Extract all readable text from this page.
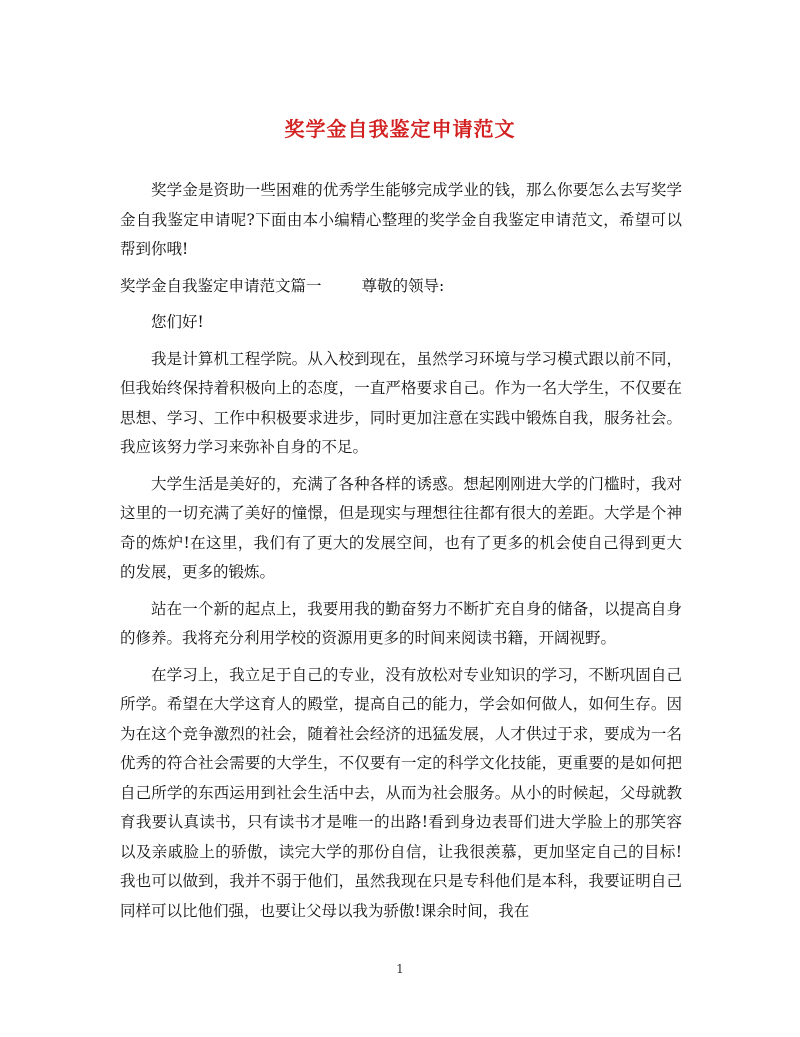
奖学金自我鉴定申请范文

奖学金是资助一些困难的优秀学生能够完成学业的钱，那么你要怎么去写奖学金自我鉴定申请呢?下面由本小编精心整理的奖学金自我鉴定申请范文，希望可以帮到你哦!

奖学金自我鉴定申请范文篇一	尊敬的领导:

您们好!

我是计算机工程学院。从入校到现在，虽然学习环境与学习模式跟以前不同，但我始终保持着积极向上的态度，一直严格要求自己。作为一名大学生，不仅要在思想、学习、工作中积极要求进步，同时更加注意在实践中锻炼自我，服务社会。我应该努力学习来弥补自身的不足。

大学生活是美好的，充满了各种各样的诱惑。想起刚刚进大学的门槛时，我对这里的一切充满了美好的憧憬，但是现实与理想往往都有很大的差距。大学是个神奇的炼炉!在这里，我们有了更大的发展空间，也有了更多的机会使自己得到更大的发展，更多的锻炼。

站在一个新的起点上，我要用我的勤奋努力不断扩充自身的储备，以提高自身的修养。我将充分利用学校的资源用更多的时间来阅读书籍，开阔视野。

在学习上，我立足于自己的专业，没有放松对专业知识的学习，不断巩固自己所学。希望在大学这育人的殿堂，提高自己的能力，学会如何做人，如何生存。因为在这个竞争激烈的社会，随着社会经济的迅猛发展，人才供过于求，要成为一名优秀的符合社会需要的大学生，不仅要有一定的科学文化技能，更重要的是如何把自己所学的东西运用到社会生活中去，从而为社会服务。从小的时候起，父母就教育我要认真读书，只有读书才是唯一的出路!看到身边表哥们进大学脸上的那笑容以及亲戚脸上的骄傲，读完大学的那份自信，让我很羡慕，更加坚定自己的目标!我也可以做到，我并不弱于他们，虽然我现在只是专科他们是本科，我要证明自己同样可以比他们强，也要让父母以我为骄傲!课余时间，我在

1
